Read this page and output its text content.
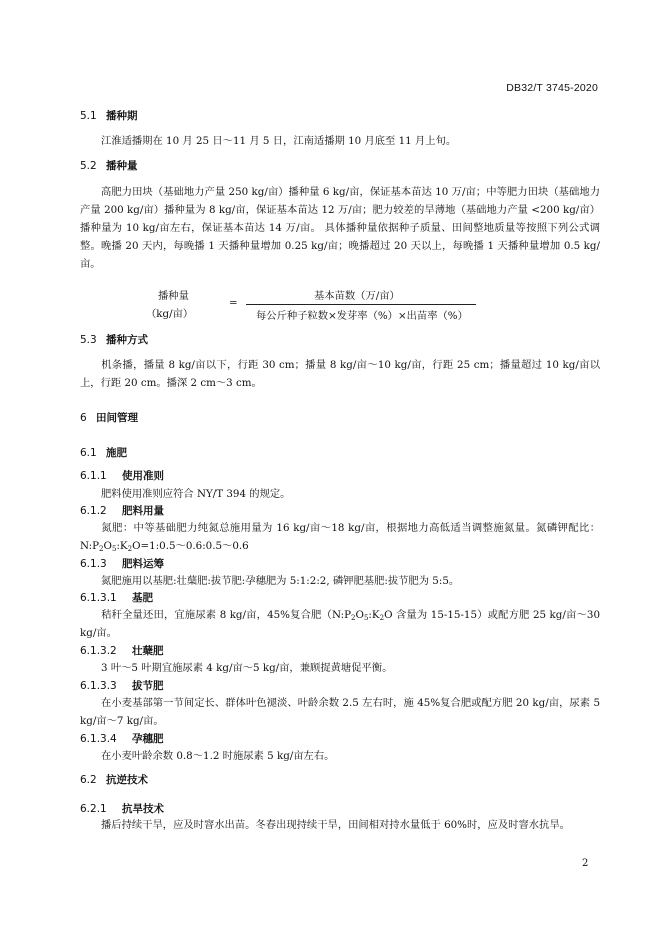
DB32/T 3745-2020
5.1 播种期
江淮适播期在 10 月 25 日～11 月 5 日，江南适播期 10 月底至 11 月上旬。
5.2 播种量
高肥力田块（基础地力产量 250 kg/亩）播种量 6 kg/亩，保证基本苗达 10 万/亩；中等肥力田块（基础地力产量 200 kg/亩）播种量为 8 kg/亩，保证基本苗达 12 万/亩；肥力较差的旱薄地（基础地力产量 <200 kg/亩）播种量为 10 kg/亩左右，保证基本苗达 14 万/亩。 具体播种量依据种子质量、田间整地质量等按照下列公式调整。晚播 20 天内，每晚播 1 天播种量增加 0.25 kg/亩；晚播超过 20 天以上，每晚播 1 天播种量增加 0.5 kg/亩。
播种量
（kg/亩）
=
基本苗数（万/亩）
每公斤种子粒数×发芽率（%）×出苗率（%）
5.3 播种方式
机条播，播量 8 kg/亩以下，行距 30 cm；播量 8 kg/亩～10 kg/亩，行距 25 cm；播量超过 10 kg/亩以上，行距 20 cm。播深 2 cm～3 cm。
6 田间管理
6.1 施肥
6.1.1 使用准则
肥料使用准则应符合 NY/T 394 的规定。
6.1.2 肥料用量
氮肥：中等基础肥力纯氮总施用量为 16 kg/亩～18 kg/亩，根据地力高低适当调整施氮量。氮磷钾配比：$N:P_2O_5:K_2O=1:0.5\sim 0.6:0.5\sim 0.6$
6.1.3 肥料运筹
氮肥施用以基肥:壮蘖肥:拔节肥:孕穗肥为 5:1:2:2, 磷钾肥基肥:拔节肥为 5:5。
6.1.3.1 基肥
秸秆全量还田，宜施尿素 8 kg/亩，45%复合肥（$N:P_2O_5:K_2O$ 含量为 15-15-15）或配方肥 25 kg/亩～30 kg/亩。
6.1.3.2 壮蘖肥
3 叶～5 叶期宜施尿素 4 kg/亩～5 kg/亩，兼顾捉黄塘促平衡。
6.1.3.3 拔节肥
在小麦基部第一节间定长、群体叶色褪淡、叶龄余数 2.5 左右时，施 45%复合肥或配方肥 20 kg/亩，尿素 5 kg/亩～7 kg/亩。
6.1.3.4 孕穗肥
在小麦叶龄余数 0.8～1.2 时施尿素 5 kg/亩左右。
6.2 抗逆技术
6.2.1 抗旱技术
播后持续干旱，应及时窨水出苗。冬春出现持续干旱，田间相对持水量低于 60%时，应及时窨水抗旱。
2
